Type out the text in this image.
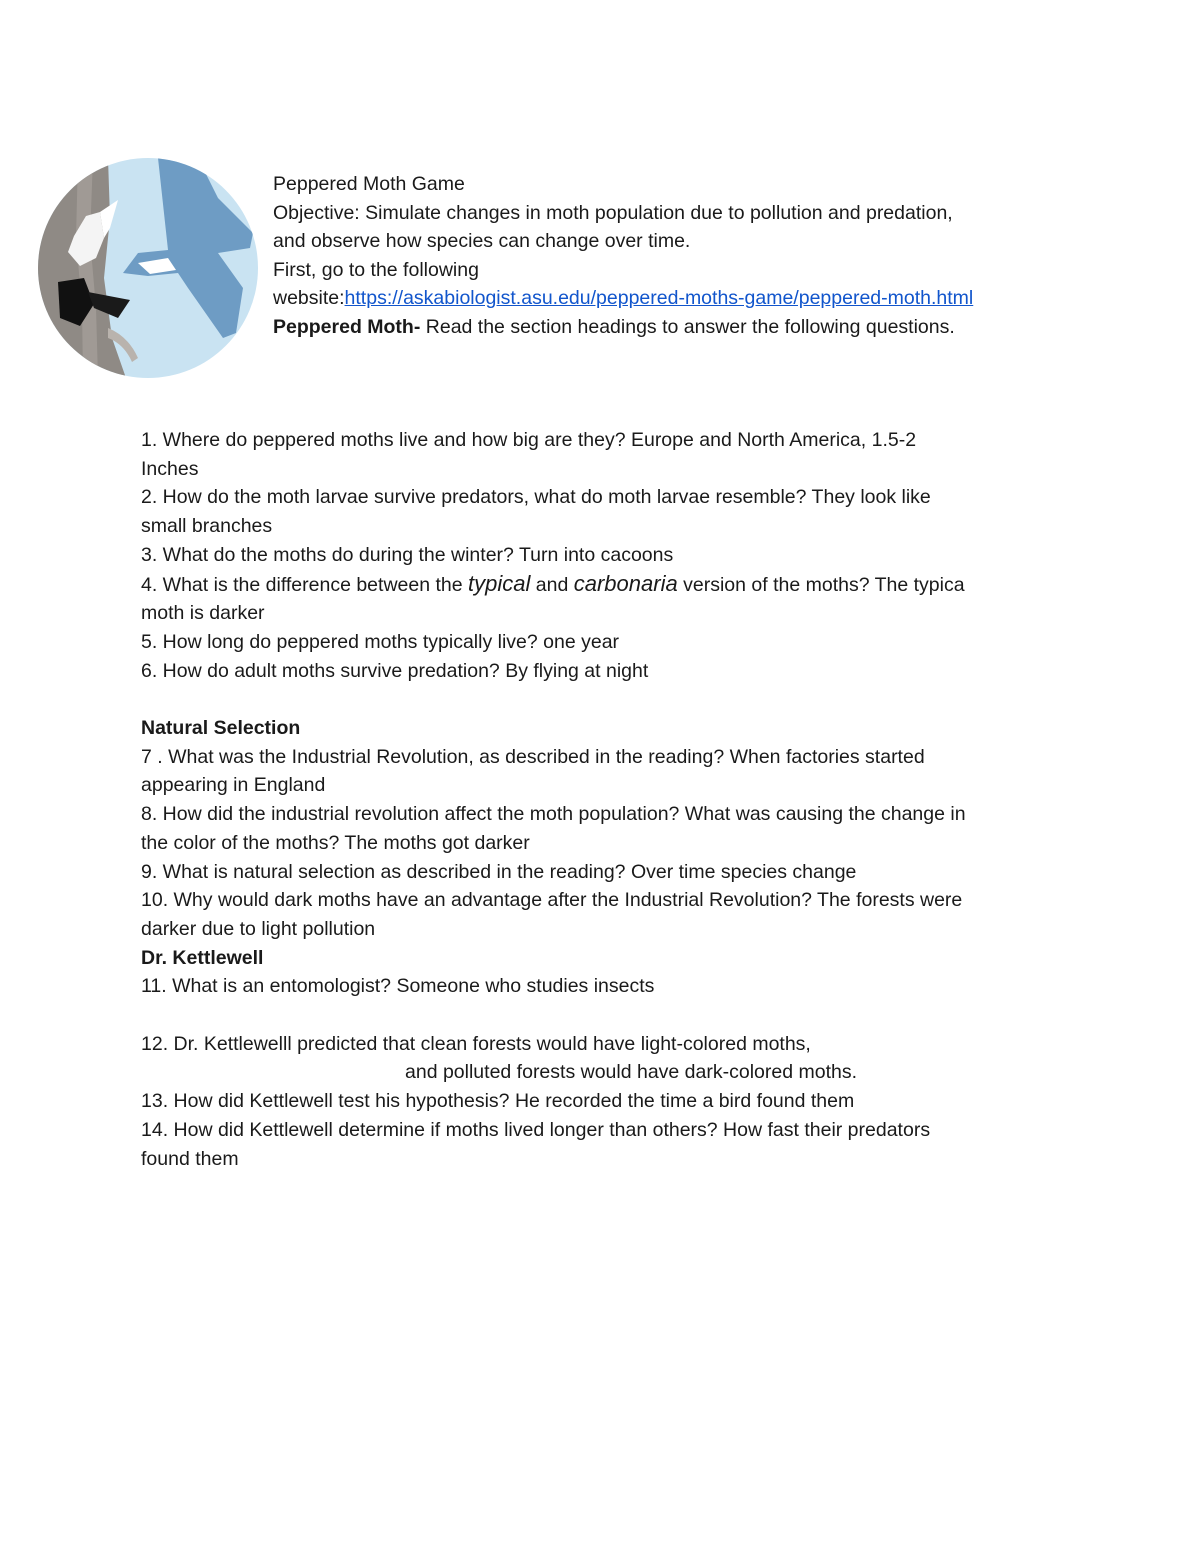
Peppered Moth Game
Objective: Simulate changes in moth population due to pollution and predation,
and observe how species can change over time.
First, go to the following
website:https://askabiologist.asu.edu/peppered-moths-game/peppered-moth.html
Peppered Moth- Read the section headings to answer the following questions.
1. Where do peppered moths live and how big are they? Europe and North America, 1.5-2
Inches
2. How do the moth larvae survive predators, what do moth larvae resemble? They look like
small branches
3. What do the moths do during the winter? Turn into cacoons
4. What is the difference between the typical and carbonaria version of the moths? The typica
moth is darker
5. How long do peppered moths typically live? one year
6. How do adult moths survive predation? By flying at night
Natural Selection
7 . What was the Industrial Revolution, as described in the reading? When factories started
appearing in England
8. How did the industrial revolution affect the moth population? What was causing the change in
the color of the moths? The moths got darker
9. What is natural selection as described in the reading? Over time species change
10. Why would dark moths have an advantage after the Industrial Revolution? The forests were
darker due to light pollution
Dr. Kettlewell
11. What is an entomologist? Someone who studies insects
12. Dr. Kettlewelll predicted that clean forests would have light-colored moths,
and polluted forests would have dark-colored moths.
13. How did Kettlewell test his hypothesis? He recorded the time a bird found them
14. How did Kettlewell determine if moths lived longer than others? How fast their predators
found them
